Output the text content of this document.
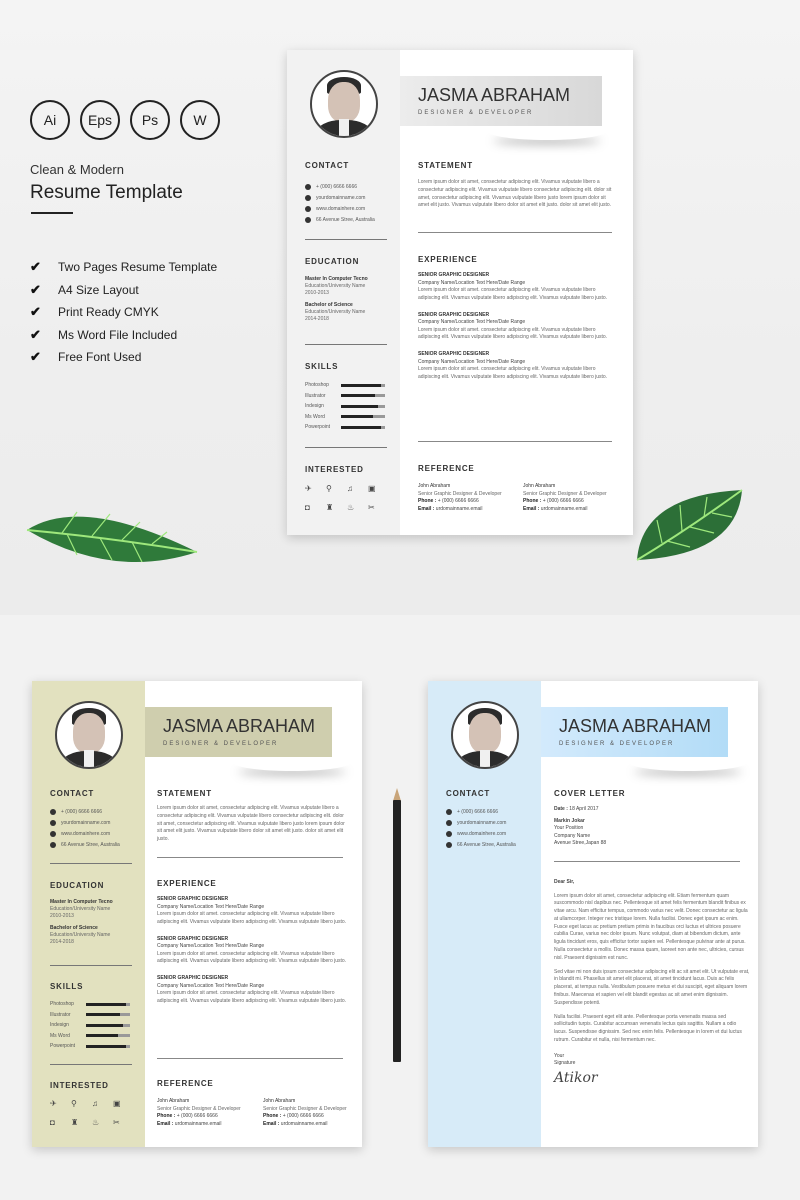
Ai	Eps	Ps	W
Clean & Modern
Resume Template
✔	Two Pages Resume Template
✔	A4 Size Layout
✔	Print Ready CMYK
✔	Ms Word File Included
✔	Free Font Used
JASMA ABRAHAM
DESIGNER & DEVELOPER
CONTACT
+ (000) 6666 6666
yourdomainname.com
www.domainhere.com
66 Avenue Stree, Australia
EDUCATION
Master In Computer Tecno
Education/University Name
2010-2013
Bachelor of Science
Education/University Name
2014-2018
SKILLS
Photoshop
Illustrator
Indesign
Ms Word
Powerpoint
INTERESTED
✈	⚲	♫	▣
◘	♜	♨	✂
STATEMENT
Lorem ipsum dolor sit amet, consectetur adipiscing elit. Vivamus vulputate libero a consectetur adipiscing elit. Vivamus vulputate libero consectetur adipiscing elit. dolor sit amet, consectetur adipiscing elit. Vivamus vulputate libero justo lorem ipsum dolor sit amet elit justo. Vivamus vulputate libero dolor sit amet elit justo. dolor sit amet elit justo.
EXPERIENCE
SENIOR GRAPHIC DESIGNER
Company Name/Location Text Here/Date Range
Lorem ipsum dolor sit amet. consectetur adipiscing elit. Vivamus vulputate libero adipiscing elit. Vivamus vulputate libero adipiscing elit. Vivamus vulputate libero justo.
SENIOR GRAPHIC DESIGNER
Company Name/Location Text Here/Date Range
Lorem ipsum dolor sit amet. consectetur adipiscing elit. Vivamus vulputate libero adipiscing elit. Vivamus vulputate libero adipiscing elit. Vivamus vulputate libero justo.
SENIOR GRAPHIC DESIGNER
Company Name/Location Text Here/Date Range
Lorem ipsum dolor sit amet. consectetur adipiscing elit. Vivamus vulputate libero adipiscing elit. Vivamus vulputate libero adipiscing elit. Vivamus vulputate libero justo.
REFERENCE
John Abraham
Senior Graphic Designer & Developer
Phone : + (000) 6666 6666
Email : urdomainname.email
John Abraham
Senior Graphic Designer & Developer
Phone : + (000) 6666 6666
Email : urdomainname.email
JASMA ABRAHAM
DESIGNER & DEVELOPER
CONTACT
+ (000) 6666 6666
yourdomainname.com
www.domainhere.com
66 Avenue Stree, Australia
EDUCATION
Master In Computer Tecno
Education/University Name
2010-2013
Bachelor of Science
Education/University Name
2014-2018
SKILLS
Photoshop
Illustrator
Indesign
Ms Word
Powerpoint
INTERESTED
✈	⚲	♫	▣
◘	♜	♨	✂
STATEMENT
Lorem ipsum dolor sit amet, consectetur adipiscing elit. Vivamus vulputate libero a consectetur adipiscing elit. Vivamus vulputate libero consectetur adipiscing elit. dolor sit amet, consectetur adipiscing elit. Vivamus vulputate libero justo lorem ipsum dolor sit amet elit justo. Vivamus vulputate libero dolor sit amet elit justo. dolor sit amet elit justo.
EXPERIENCE
SENIOR GRAPHIC DESIGNER
Company Name/Location Text Here/Date Range
Lorem ipsum dolor sit amet. consectetur adipiscing elit. Vivamus vulputate libero adipiscing elit. Vivamus vulputate libero adipiscing elit. Vivamus vulputate libero justo.
SENIOR GRAPHIC DESIGNER
Company Name/Location Text Here/Date Range
Lorem ipsum dolor sit amet. consectetur adipiscing elit. Vivamus vulputate libero adipiscing elit. Vivamus vulputate libero adipiscing elit. Vivamus vulputate libero justo.
SENIOR GRAPHIC DESIGNER
Company Name/Location Text Here/Date Range
Lorem ipsum dolor sit amet. consectetur adipiscing elit. Vivamus vulputate libero adipiscing elit. Vivamus vulputate libero adipiscing elit. Vivamus vulputate libero justo.
REFERENCE
John Abraham
Senior Graphic Designer & Developer
Phone : + (000) 6666 6666
Email : urdomainname.email
John Abraham
Senior Graphic Designer & Developer
Phone : + (000) 6666 6666
Email : urdomainname.email
JASMA ABRAHAM
DESIGNER & DEVELOPER
CONTACT
+ (000) 6666 6666
yourdomainname.com
www.domainhere.com
66 Avenue Stree, Australia
COVER LETTER
Date : 18 April 2017
Markin Jokar
Your Position
Company Name
Avenue Stree,Japan 88
Dear Sir,
Lorem ipsum dolor sit amet, consectetur adipiscing elit. Etiam fermentum quam suscommodo nisl dapibus nec. Pellentesque sit amet felis fermentum blandit finibus ex vitae arcu. Nam efficitur tempus, commodo varius nec velit. Donec consectetur ac ligula at ullamcorper. Integer nec tristique lorem. Nulla facilisi. Donec eget ipsum ac enim. Fusce eget lacus ac pretium pretium primis in faucibus orci luctus et ultrices posuere cubilia Curae, varius nec dolor ipsum. Nunc volutpat, diam at bibendum dictum, ante ligula tincidunt eros, quis efficitur tortor sapien vel. Pellentesque pulvinar ante at purus. Nulla consectetur a mollis. Donec massa quam, laoreet non ante nec, ultricies, cursus nisl. Praesent dignissim est nunc.
Sed vitae mi non duis ipsum consectetur adipiscing elit ac sit amet elit. Ut vulputate erat, in blandit mi. Phasellus sit amet elit placerat, sit amet tincidunt lacus. Duis ac felis placerat, at tempus nulla. Vestibulum posuere metus et dui suscipit, eget aliquam lorem finibus. Maecenas et sapien vel elit blandit egestas ac sit amet enim dignissim. Suspendisse potenti.
Nulla facilisi. Praesent eget elit ante. Pellentesque porta venenatis massa sed sollicitudin turpis. Curabitur accumsan venenatis lectus quis sagittis. Nullam a odio lacus. Suspendisse dignissim. Sed nec enim felis. Pellentesque in lorem et dui luctus rutrum. Curabitur et nulla, nisi fermentum nec.
Your
Signature
Atikor
